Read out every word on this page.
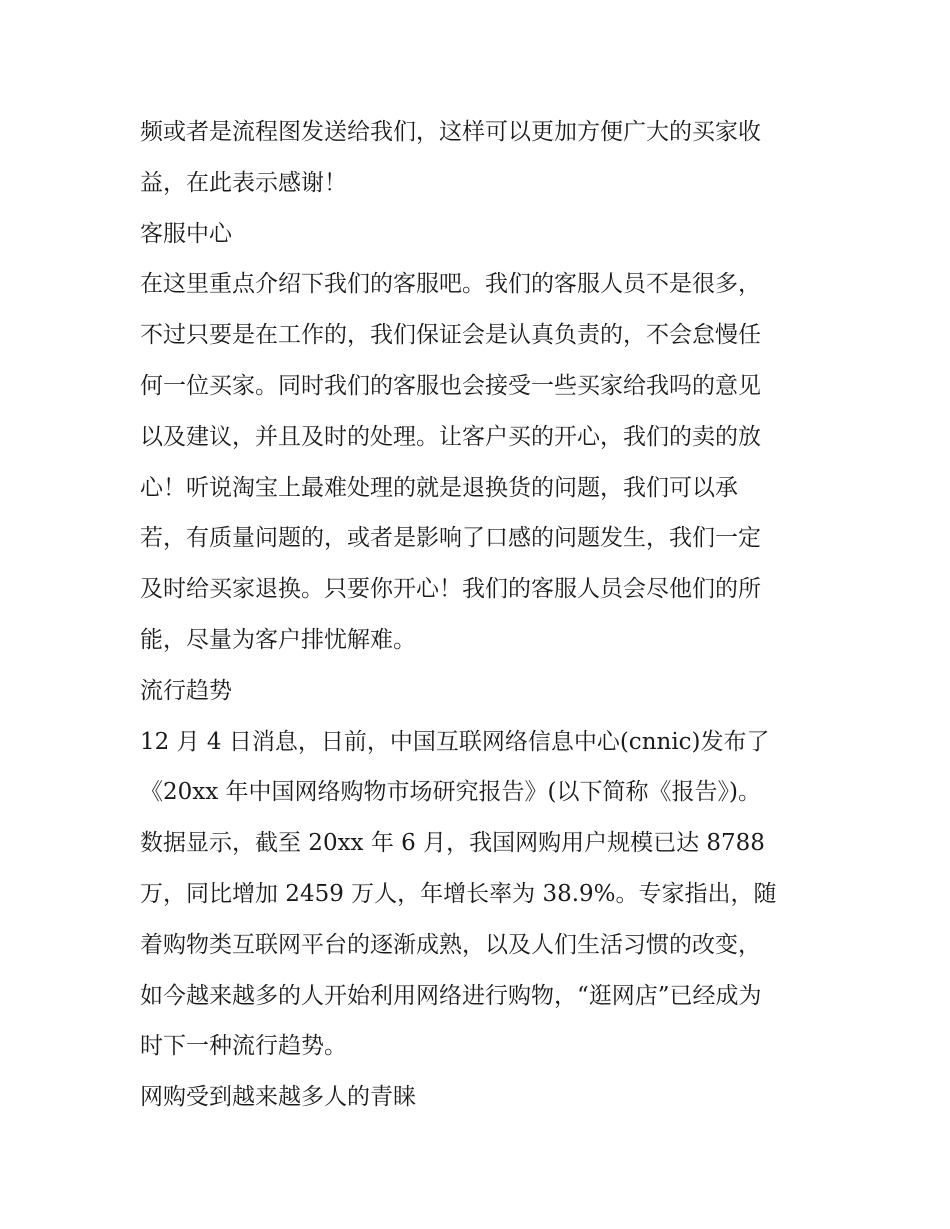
频或者是流程图发送给我们，这样可以更加方便广大的买家收
益，在此表示感谢！
客服中心
在这里重点介绍下我们的客服吧。我们的客服人员不是很多，
不过只要是在工作的，我们保证会是认真负责的，不会怠慢任
何一位买家。同时我们的客服也会接受一些买家给我吗的意见
以及建议，并且及时的处理。让客户买的开心，我们的卖的放
心！听说淘宝上最难处理的就是退换货的问题，我们可以承
若，有质量问题的，或者是影响了口感的问题发生，我们一定
及时给买家退换。只要你开心！我们的客服人员会尽他们的所
能，尽量为客户排忧解难。
流行趋势
12 月 4 日消息，日前，中国互联网络信息中心(cnnic)发布了
《20xx 年中国网络购物市场研究报告》(以下简称《报告》)。
数据显示，截至 20xx 年 6 月，我国网购用户规模已达 8788
万，同比增加 2459 万人，年增长率为 38.9%。专家指出，随
着购物类互联网平台的逐渐成熟，以及人们生活习惯的改变，
如今越来越多的人开始利用网络进行购物，“逛网店”已经成为
时下一种流行趋势。
网购受到越来越多人的青睐
